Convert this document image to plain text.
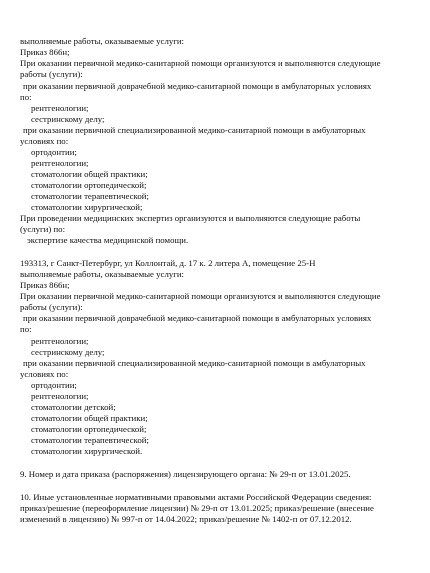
выполняемые работы, оказываемые услуги:
Приказ 866н;
При оказании первичной медико-санитарной помощи организуются и выполняются следующие
работы (услуги):
при оказании первичной доврачебной медико-санитарной помощи в амбулаторных условиях
по:
рентгенологии;
сестринскому делу;
при оказании первичной специализированной медико-санитарной помощи в амбулаторных
условиях по:
ортодонтии;
рентгенологии;
стоматологии общей практики;
стоматологии ортопедической;
стоматологии терапевтической;
стоматологии хирургической;
При проведении медицинских экспертиз организуются и выполняются следующие работы
(услуги) по:
экспертизе качества медицинской помощи.
193313, г Санкт-Петербург, ул Коллонтай, д. 17 к. 2 литера А, помещение 25-Н
выполняемые работы, оказываемые услуги:
Приказ 866н;
При оказании первичной медико-санитарной помощи организуются и выполняются следующие
работы (услуги):
при оказании первичной доврачебной медико-санитарной помощи в амбулаторных условиях
по:
рентгенологии;
сестринскому делу;
при оказании первичной специализированной медико-санитарной помощи в амбулаторных
условиях по:
ортодонтии;
рентгенологии;
стоматологии детской;
стоматологии общей практики;
стоматологии ортопедической;
стоматологии терапевтической;
стоматологии хирургической.
9. Номер и дата приказа (распоряжения) лицензирующего органа: № 29-п от 13.01.2025.
10. Иные установленные нормативными правовыми актами Российской Федерации сведения:
приказ/решение (переоформление лицензии) № 29-п от 13.01.2025; приказ/решение (внесение
изменений в лицензию) № 997-п от 14.04.2022; приказ/решение № 1402-п от 07.12.2012.
